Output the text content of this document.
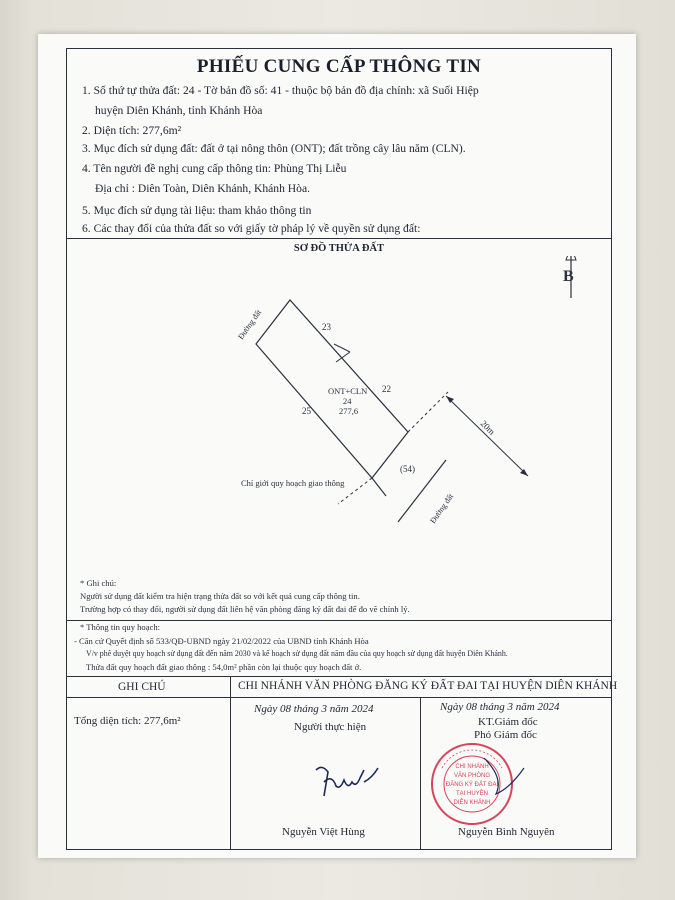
PHIẾU CUNG CẤP THÔNG TIN
1. Số thứ tự thửa đất: 24 - Tờ bản đồ số: 41 - thuộc bộ bản đồ địa chính: xã Suối Hiệp
huyện Diên Khánh, tỉnh Khánh Hòa
2. Diện tích: 277,6m²
3. Mục đích sử dụng đất: đất ở tại nông thôn (ONT); đất trồng cây lâu năm (CLN).
4. Tên người đề nghị cung cấp thông tin: Phùng Thị Liễu
Địa chỉ : Diên Toàn, Diên Khánh, Khánh Hòa.
5. Mục đích sử dụng tài liệu: tham khảo thông tin
6. Các thay đổi của thửa đất so với giấy tờ pháp lý về quyền sử dụng đất:
SƠ ĐỒ THỬA ĐẤT
B
20m
ONT+CLN
24
277,6
23
22
25
(54)
Đường đất
Đường đất
Chỉ giới quy hoạch giao thông
* Ghi chú:
Người sử dụng đất kiểm tra hiện trạng thửa đất so với kết quả cung cấp thông tin.
Trường hợp có thay đổi, người sử dụng đất liên hệ văn phòng đăng ký đất đai để đo vẽ chỉnh lý.
* Thông tin quy hoạch:
- Căn cứ Quyết định số 533/QĐ-UBND ngày 21/02/2022 của UBND tỉnh Khánh Hòa
V/v phê duyệt quy hoạch sử dụng đất đến năm 2030 và kế hoạch sử dụng đất năm đầu của quy hoạch sử dụng đất huyện Diên Khánh.
Thửa đất quy hoạch đất giao thông : 54,0m² phần còn lại thuộc quy hoạch đất ở.
GHI CHÚ	CHI NHÁNH VĂN PHÒNG ĐĂNG KÝ ĐẤT ĐAI TẠI HUYỆN DIÊN KHÁNH
Tổng diện tích: 277,6m²
Ngày 08 tháng 3 năm 2024
Người thực hiện
Nguyễn Việt Hùng
Ngày 08 tháng 3 năm 2024
KT.Giám đốc
Phó Giám đốc
Nguyễn Bình Nguyên
CHI NHÁNH
VĂN PHÒNG
ĐĂNG KÝ ĐẤT ĐAI
TẠI HUYỆN
DIÊN KHÁNH
